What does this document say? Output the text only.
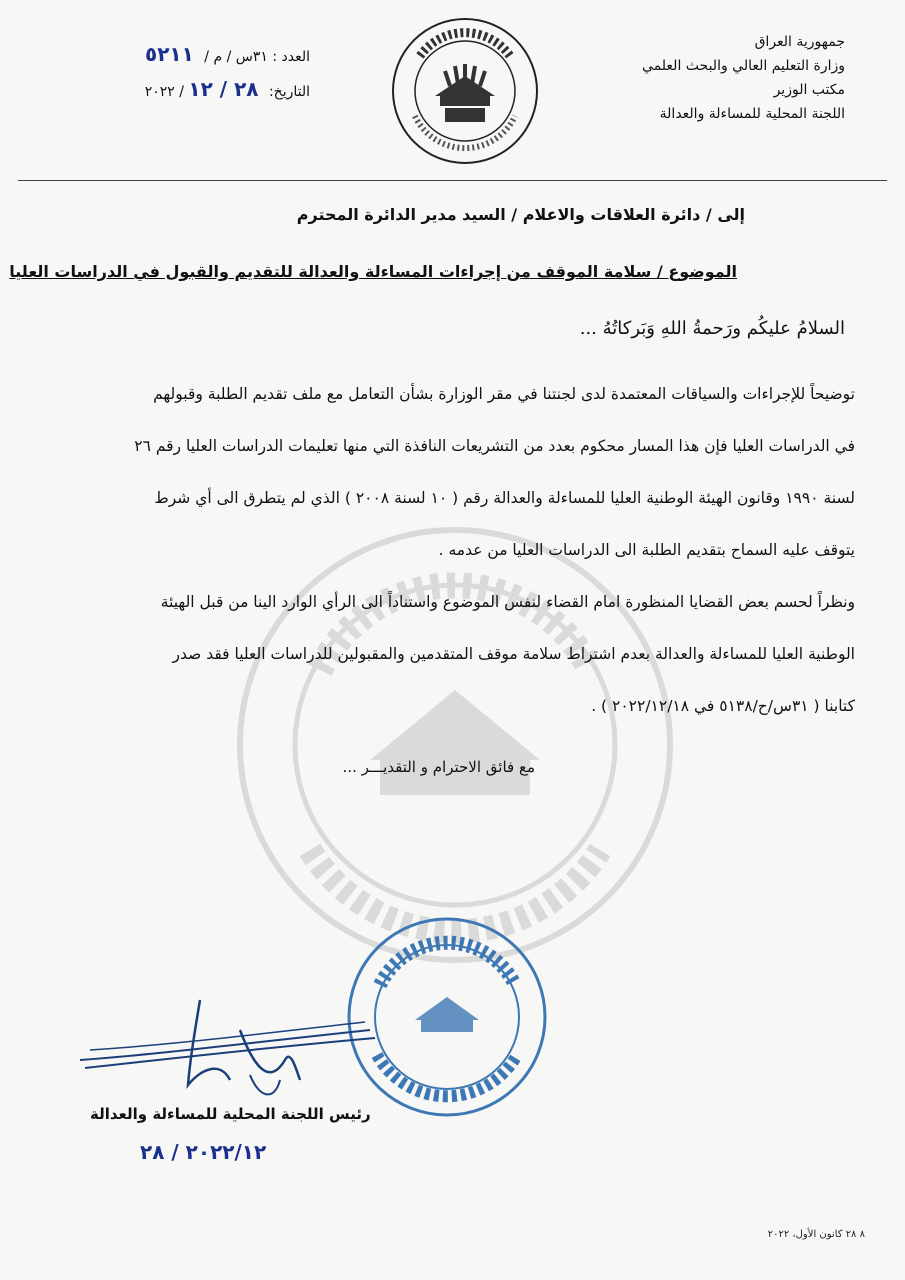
جمهورية العراق
وزارة التعليم العالي والبحث العلمي
مكتب الوزير
اللجنة المحلية للمساءلة والعدالة
العدد : ٣١س / م / ٥٢١١
التاريخ: ٢٨ / ١٢ / ٢٠٢٢
إلى / دائرة العلاقات والاعلام / السيد مدير الدائرة المحترم
الموضوع / سلامة الموقف من إجراءات المساءلة والعدالة للتقديم والقبول في الدراسات العليا
السلامُ عليكُم ورَحمةُ اللهِ وَبَركاتُهُ ...
توضيحاً للإجراءات والسياقات المعتمدة لدى لجنتنا في مقر الوزارة بشأن التعامل مع ملف تقديم الطلبة وقبولهم
في الدراسات العليا فإن هذا المسار محكوم بعدد من التشريعات النافذة التي منها تعليمات الدراسات العليا رقم ٢٦
لسنة ١٩٩٠ وقانون الهيئة الوطنية العليا للمساءلة والعدالة رقم ( ١٠ لسنة ٢٠٠٨ ) الذي لم يتطرق الى أي شرط
يتوقف عليه السماح بتقديم الطلبة الى الدراسات العليا من عدمه .
ونظراً لحسم بعض القضايا المنظورة امام القضاء لنفس الموضوع واستناداً الى الرأي الوارد الينا من قبل الهيئة
الوطنية العليا للمساءلة والعدالة بعدم اشتراط سلامة موقف المتقدمين والمقبولين للدراسات العليا فقد صدر
كتابنا ( ٣١س/ح/٥١٣٨ في ٢٠٢٢/١٢/١٨ ) .
مع فائق الاحترام و التقديـــر ...
رئيس اللجنة المحلية للمساءلة والعدالة
٢٠٢٢/١٢ / ٢٨
٨ ٢٨ كانون الأول، ٢٠٢٢
